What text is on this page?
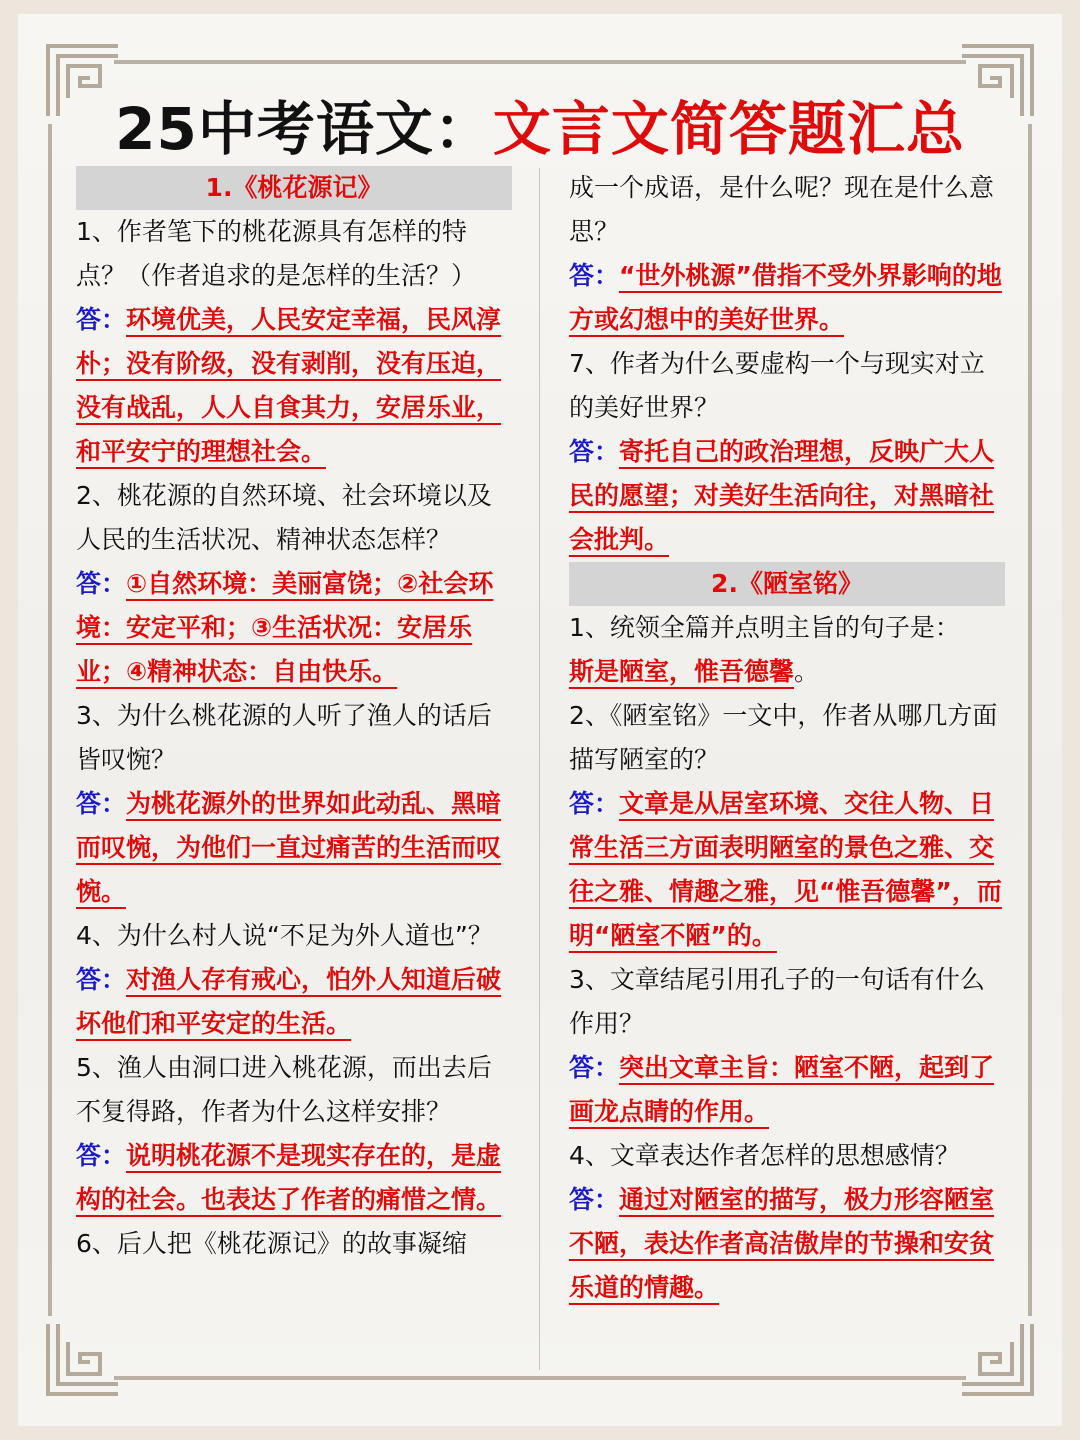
25中考语文：文言文简答题汇总
1.《桃花源记》

1、作者笔下的桃花源具有怎样的特点？（作者追求的是怎样的生活？）

答：环境优美，人民安定幸福，民风淳朴；没有阶级，没有剥削，没有压迫，没有战乱，人人自食其力，安居乐业，和平安宁的理想社会。

2、桃花源的自然环境、社会环境以及人民的生活状况、精神状态怎样？

答：①自然环境：美丽富饶；②社会环境：安定平和；③生活状况：安居乐业；④精神状态：自由快乐。

3、为什么桃花源的人听了渔人的话后皆叹惋？

答：为桃花源外的世界如此动乱、黑暗而叹惋，为他们一直过痛苦的生活而叹惋。

4、为什么村人说“不足为外人道也”？

答：对渔人存有戒心，怕外人知道后破坏他们和平安定的生活。

5、渔人由洞口进入桃花源，而出去后不复得路，作者为什么这样安排？

答：说明桃花源不是现实存在的，是虚构的社会。也表达了作者的痛惜之情。

6、后人把《桃花源记》的故事凝缩

成一个成语，是什么呢？现在是什么意思？

答：“世外桃源”借指不受外界影响的地方或幻想中的美好世界。

7、作者为什么要虚构一个与现实对立的美好世界？

答：寄托自己的政治理想，反映广大人民的愿望；对美好生活向往，对黑暗社会批判。

2.《陋室铭》

1、统领全篇并点明主旨的句子是：

斯是陋室，惟吾德馨。

2、《陋室铭》一文中，作者从哪几方面描写陋室的？

答：文章是从居室环境、交往人物、日常生活三方面表明陋室的景色之雅、交往之雅、情趣之雅，见“惟吾德馨”，而明“陋室不陋”的。

3、文章结尾引用孔子的一句话有什么作用？

答：突出文章主旨：陋室不陋，起到了画龙点睛的作用。

4、文章表达作者怎样的思想感情？

答：通过对陋室的描写，极力形容陋室不陋，表达作者高洁傲岸的节操和安贫乐道的情趣。
